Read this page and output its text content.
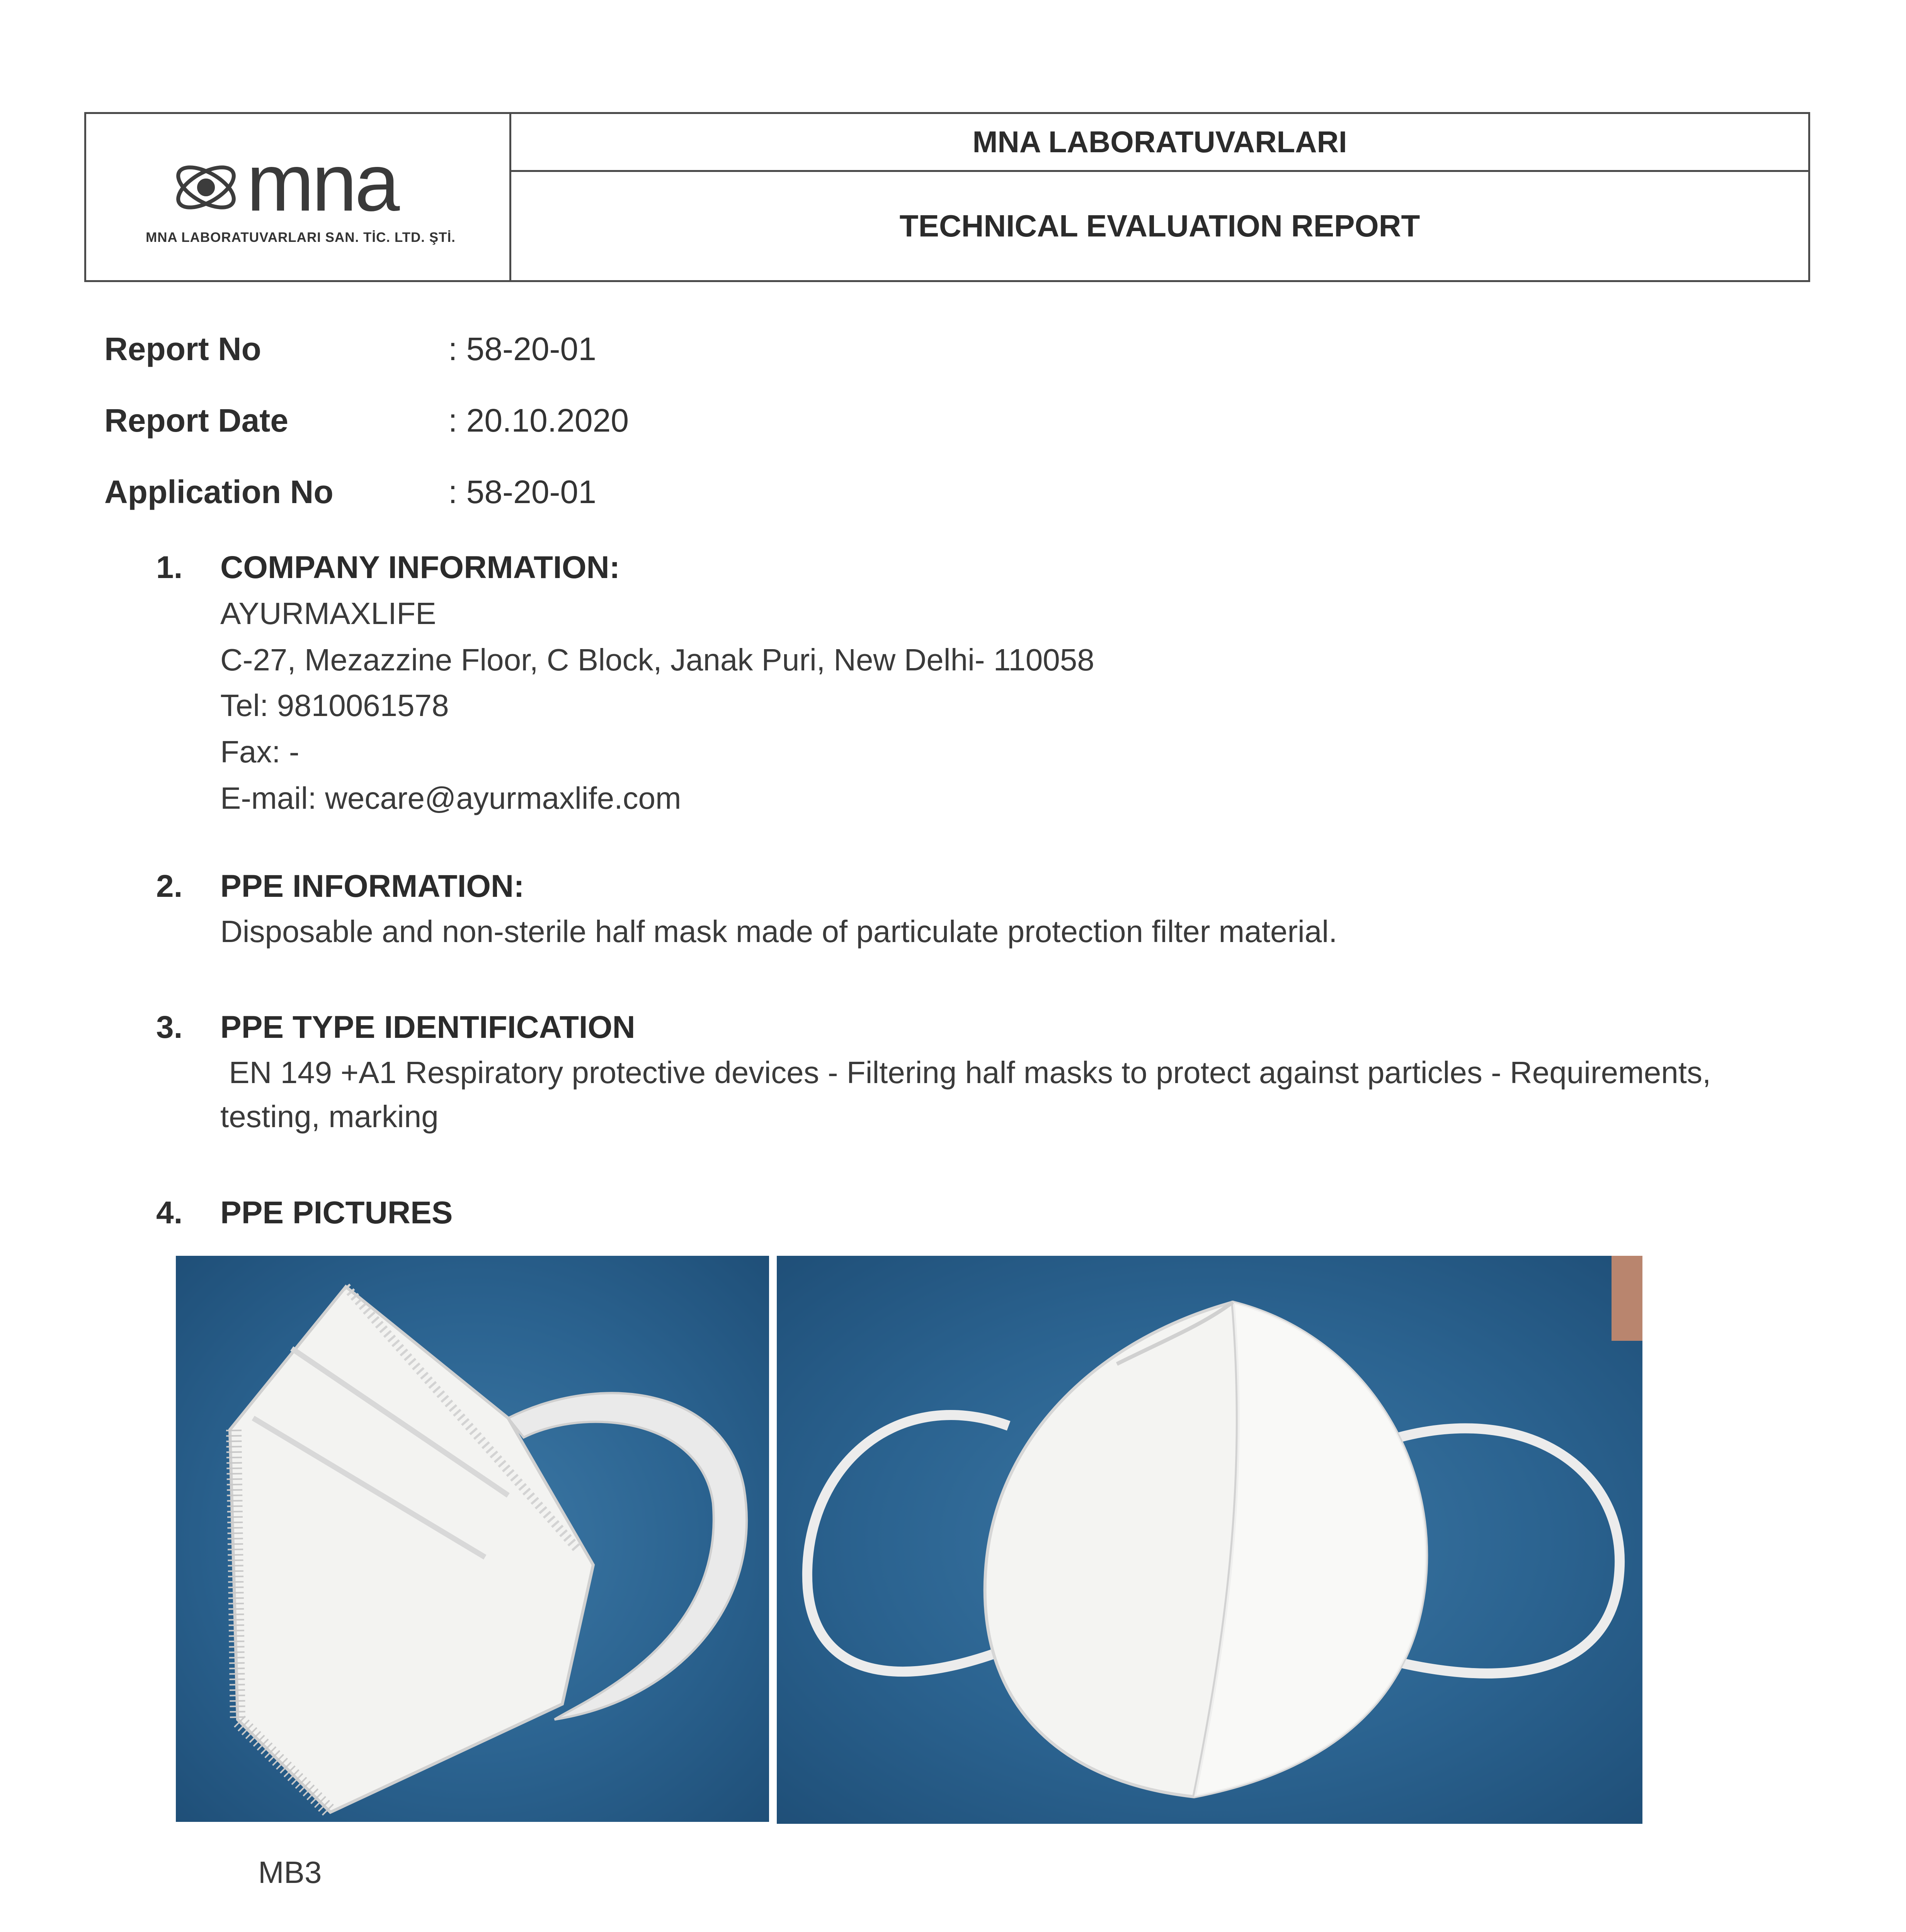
mna
MNA LABORATUVARLARI SAN. TİC. LTD. ŞTİ.
MNA LABORATUVARLARI
TECHNICAL EVALUATION REPORT
Report No	: 58-20-01
Report Date	: 20.10.2020
Application No	: 58-20-01
1. COMPANY INFORMATION:
AYURMAXLIFE
C-27, Mezazzine Floor, C Block, Janak Puri, New Delhi- 110058
Tel: 9810061578
Fax: -
E-mail: wecare@ayurmaxlife.com
2. PPE INFORMATION:
Disposable and non-sterile half mask made of particulate protection filter material.
3. PPE TYPE IDENTIFICATION
EN 149 +A1 Respiratory protective devices - Filtering half masks to protect against particles - Requirements,
testing, marking
4. PPE PICTURES
MB3
